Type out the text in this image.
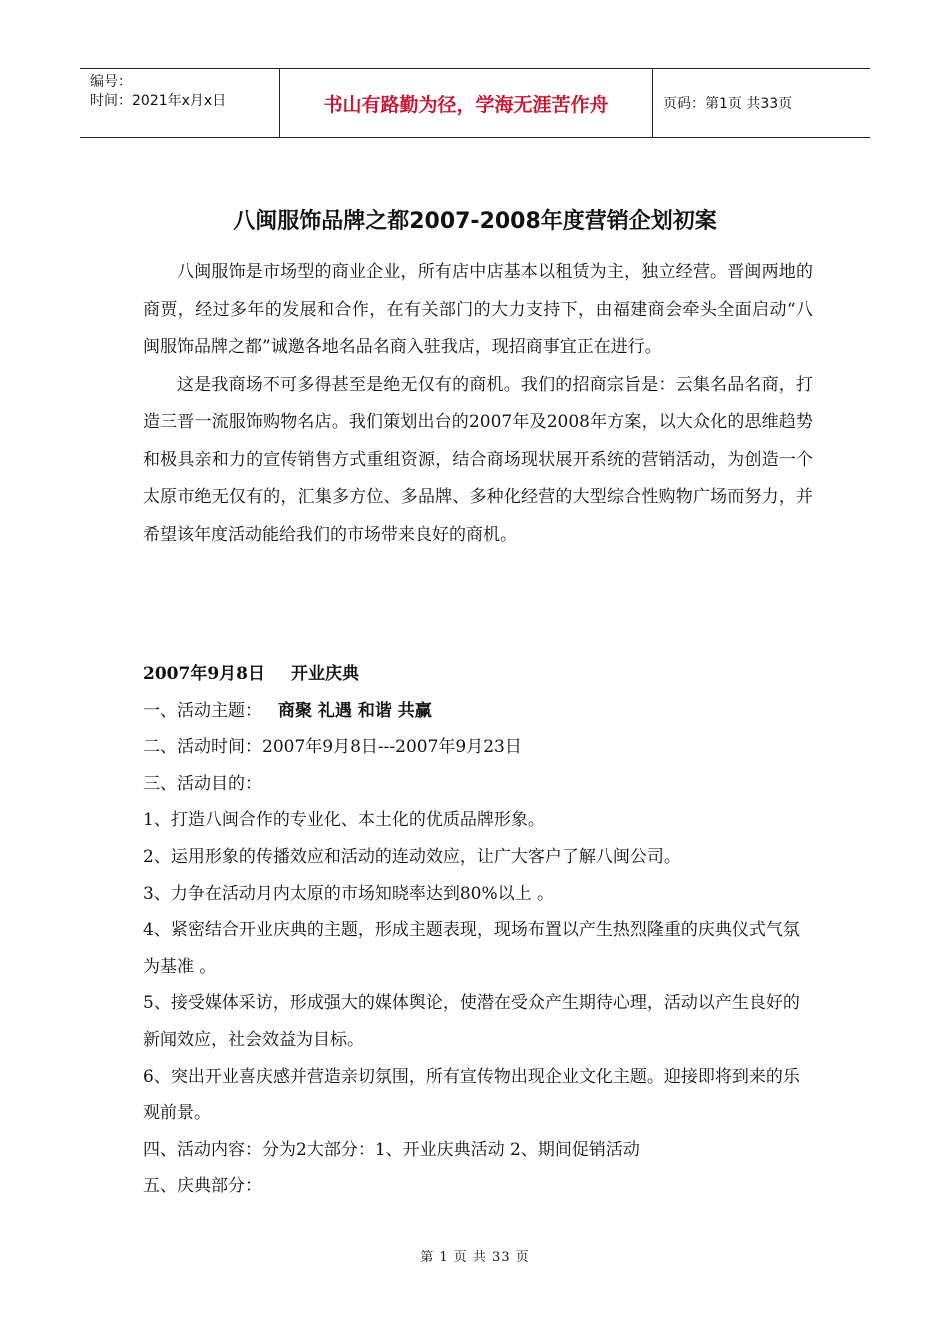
编号：
时间：2021年x月x日	书山有路勤为径，学海无涯苦作舟	页码：第1页 共33页
八闽服饰品牌之都2007-2008年度营销企划初案

八闽服饰是市场型的商业企业，所有店中店基本以租赁为主，独立经营。晋闽两地的商贾，经过多年的发展和合作，在有关部门的大力支持下，由福建商会牵头全面启动“八闽服饰品牌之都”诚邀各地名品名商入驻我店，现招商事宜正在进行。

这是我商场不可多得甚至是绝无仅有的商机。我们的招商宗旨是：云集名品名商，打造三晋一流服饰购物名店。我们策划出台的2007年及2008年方案，以大众化的思维趋势和极具亲和力的宣传销售方式重组资源，结合商场现状展开系统的营销活动，为创造一个太原市绝无仅有的，汇集多方位、多品牌、多种化经营的大型综合性购物广场而努力，并希望该年度活动能给我们的市场带来良好的商机。

2007年9月8日 开业庆典

一、活动主题： 商聚 礼遇 和谐 共赢

二、活动时间：2007年9月8日---2007年9月23日

三、活动目的：

1、打造八闽合作的专业化、本土化的优质品牌形象。

2、运用形象的传播效应和活动的连动效应，让广大客户了解八闽公司。

3、力争在活动月内太原的市场知晓率达到80%以上 。

4、紧密结合开业庆典的主题，形成主题表现，现场布置以产生热烈隆重的庆典仪式气氛为基准 。

5、接受媒体采访，形成强大的媒体舆论，使潜在受众产生期待心理，活动以产生良好的新闻效应，社会效益为目标。

6、突出开业喜庆感并营造亲切氛围，所有宣传物出现企业文化主题。迎接即将到来的乐观前景。

四、活动内容：分为2大部分：1、开业庆典活动 2、期间促销活动

五、庆典部分：

第 1 页 共 33 页
